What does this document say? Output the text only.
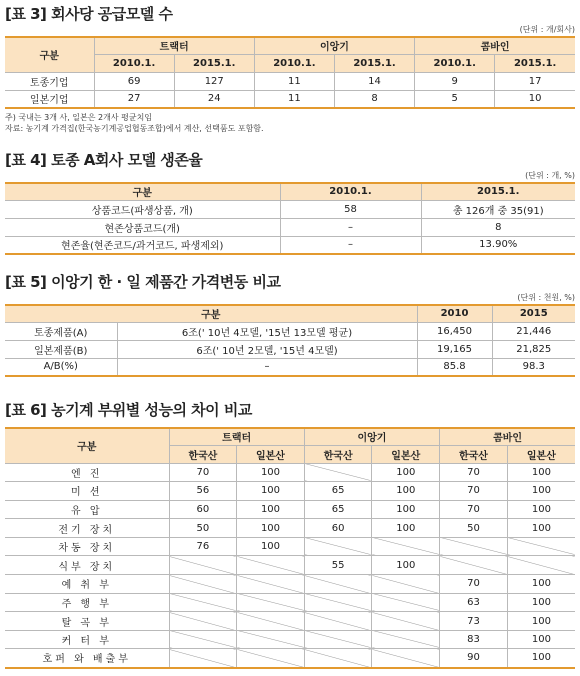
[표 3] 회사당 공급모델 수
(단위 : 개/회사)
구분	트랙터		이앙기		콤바인	
	2010.1.	2015.1.	2010.1.	2015.1.	2010.1.	2015.1.
토종기업	69	127	11	14	9	17
일본기업	27	24	11	8	5	10
주) 국내는 3개 사, 일본은 2개사 평균치임
자료: 농기계 가격집(한국농기계공업협동조합)에서 계산, 선택품도 포함함.
[표 4] 토종 A회사 모델 생존율
(단위 : 개, %)
구분	2010.1.	2015.1.
상품코드(파생상품, 개)	58	총 126개 중 35(91)
현존상품코드(개)	–	8
현존율(현존코드/과거코드, 파생제외)	–	13.90%
[표 5] 이앙기 한 · 일 제품간 가격변동 비교
(단위 : 천원, %)
구분		2010	2015
토종제품(A)	6조(' 10년 4모델, '15년 13모델 평균)	16,450	21,446
일본제품(B)	6조(' 10년 2모델, '15년 4모델)	19,165	21,825
A/B(%)	–	85.8	98.3
[표 6] 농기계 부위별 성능의 차이 비교
구분	트랙터		이앙기		콤바인	
	한국산	일본산	한국산	일본산	한국산	일본산
엔 진	70	100		100	70	100
미 션	56	100	65	100	70	100
유 압	60	100	65	100	70	100
전기 장치	50	100	60	100	50	100
차동 장치	76	100				
식부 장치			55	100		
예 취 부					70	100
주 행 부					63	100
탈 곡 부					73	100
커 터 부					83	100
호퍼 와 배출부					90	100
